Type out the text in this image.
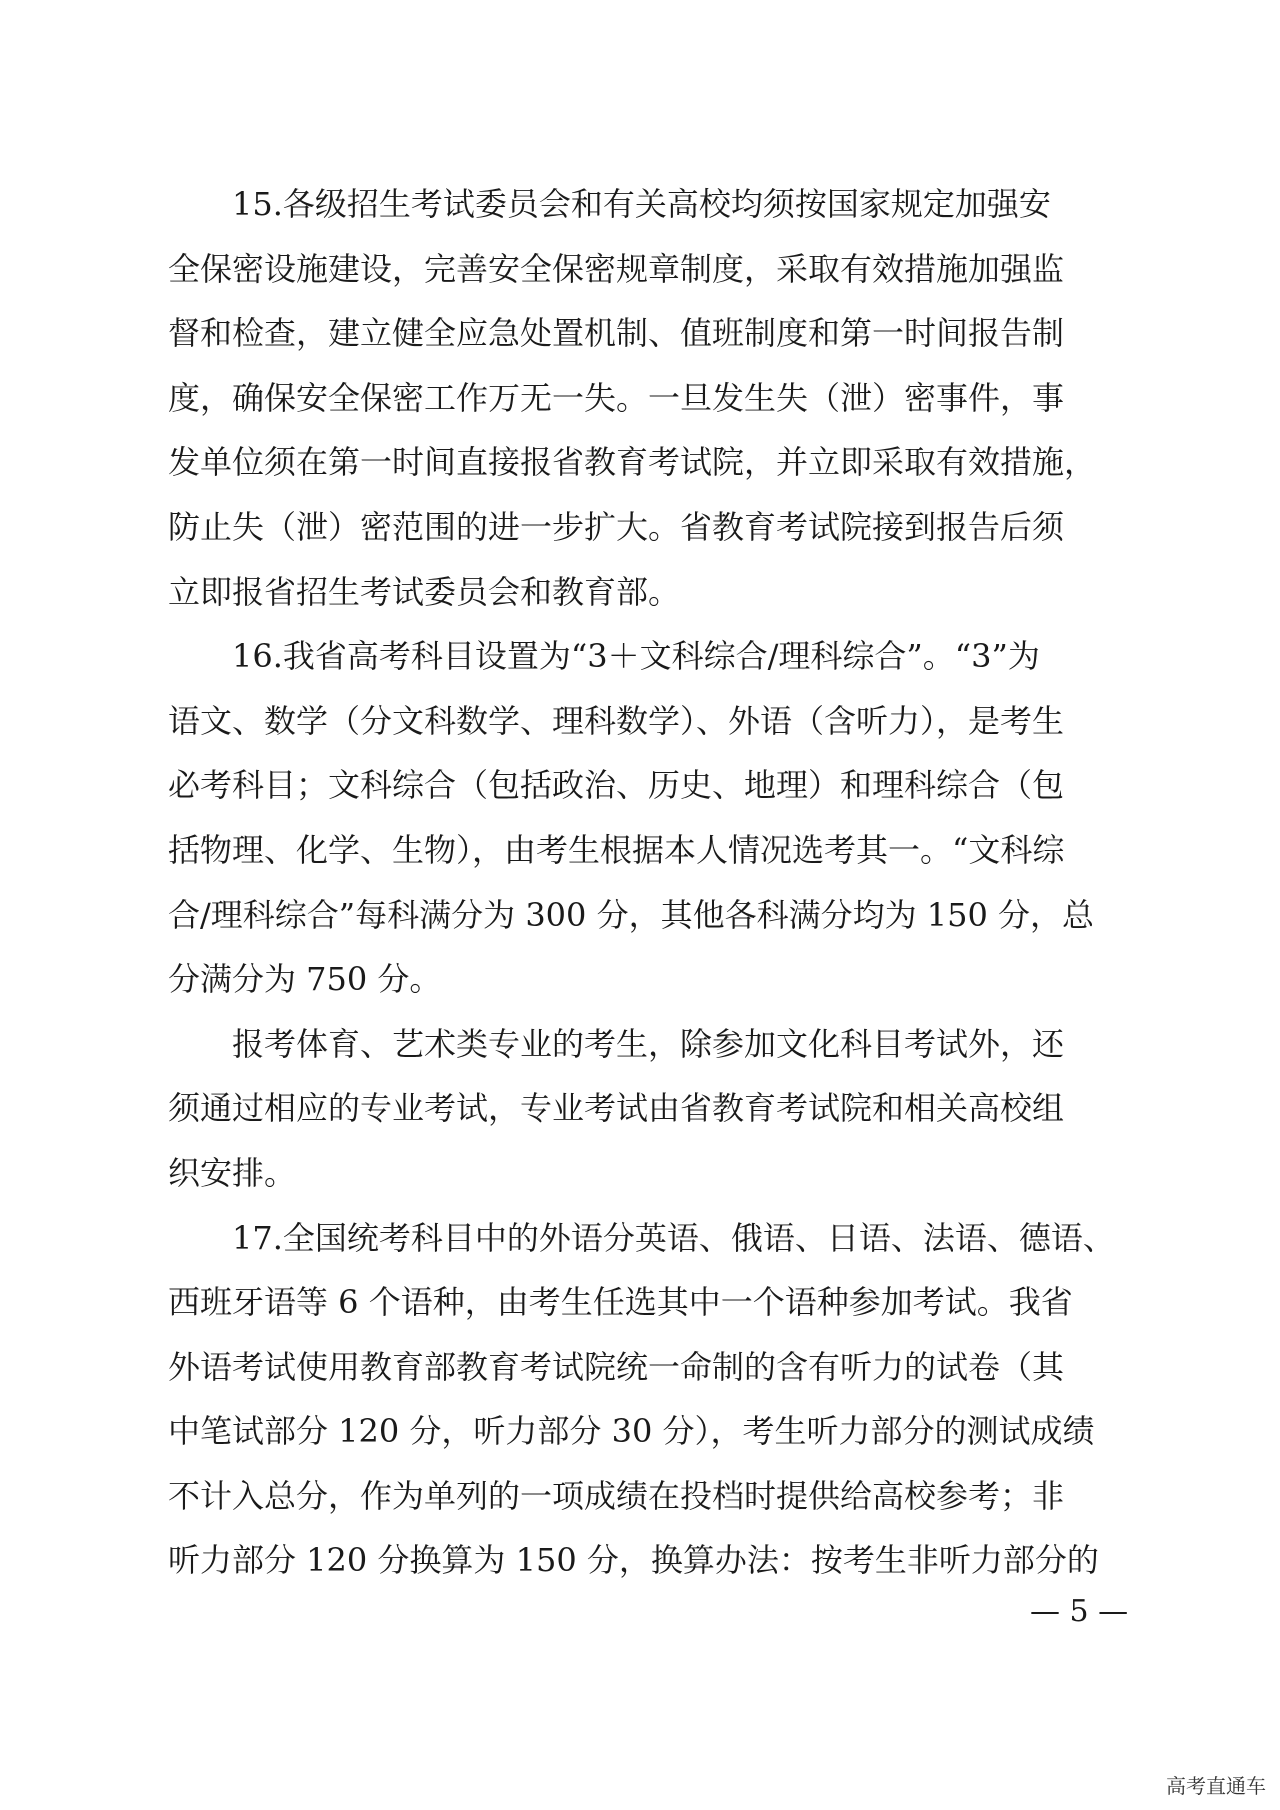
15.各级招生考试委员会和有关高校均须按国家规定加强安
全保密设施建设，完善安全保密规章制度，采取有效措施加强监
督和检查，建立健全应急处置机制、值班制度和第一时间报告制
度，确保安全保密工作万无一失。一旦发生失（泄）密事件，事
发单位须在第一时间直接报省教育考试院，并立即采取有效措施，
防止失（泄）密范围的进一步扩大。省教育考试院接到报告后须
立即报省招生考试委员会和教育部。
16.我省高考科目设置为“3＋文科综合/理科综合”。“3”为
语文、数学（分文科数学、理科数学）、外语（含听力），是考生
必考科目；文科综合（包括政治、历史、地理）和理科综合（包
括物理、化学、生物），由考生根据本人情况选考其一。“文科综
合/理科综合”每科满分为 300 分，其他各科满分均为 150 分，总
分满分为 750 分。
报考体育、艺术类专业的考生，除参加文化科目考试外，还
须通过相应的专业考试，专业考试由省教育考试院和相关高校组
织安排。
17.全国统考科目中的外语分英语、俄语、日语、法语、德语、
西班牙语等 6 个语种，由考生任选其中一个语种参加考试。我省
外语考试使用教育部教育考试院统一命制的含有听力的试卷（其
中笔试部分 120 分，听力部分 30 分），考生听力部分的测试成绩
不计入总分，作为单列的一项成绩在投档时提供给高校参考；非
听力部分 120 分换算为 150 分，换算办法：按考生非听力部分的
— 5 —
高考直通车
